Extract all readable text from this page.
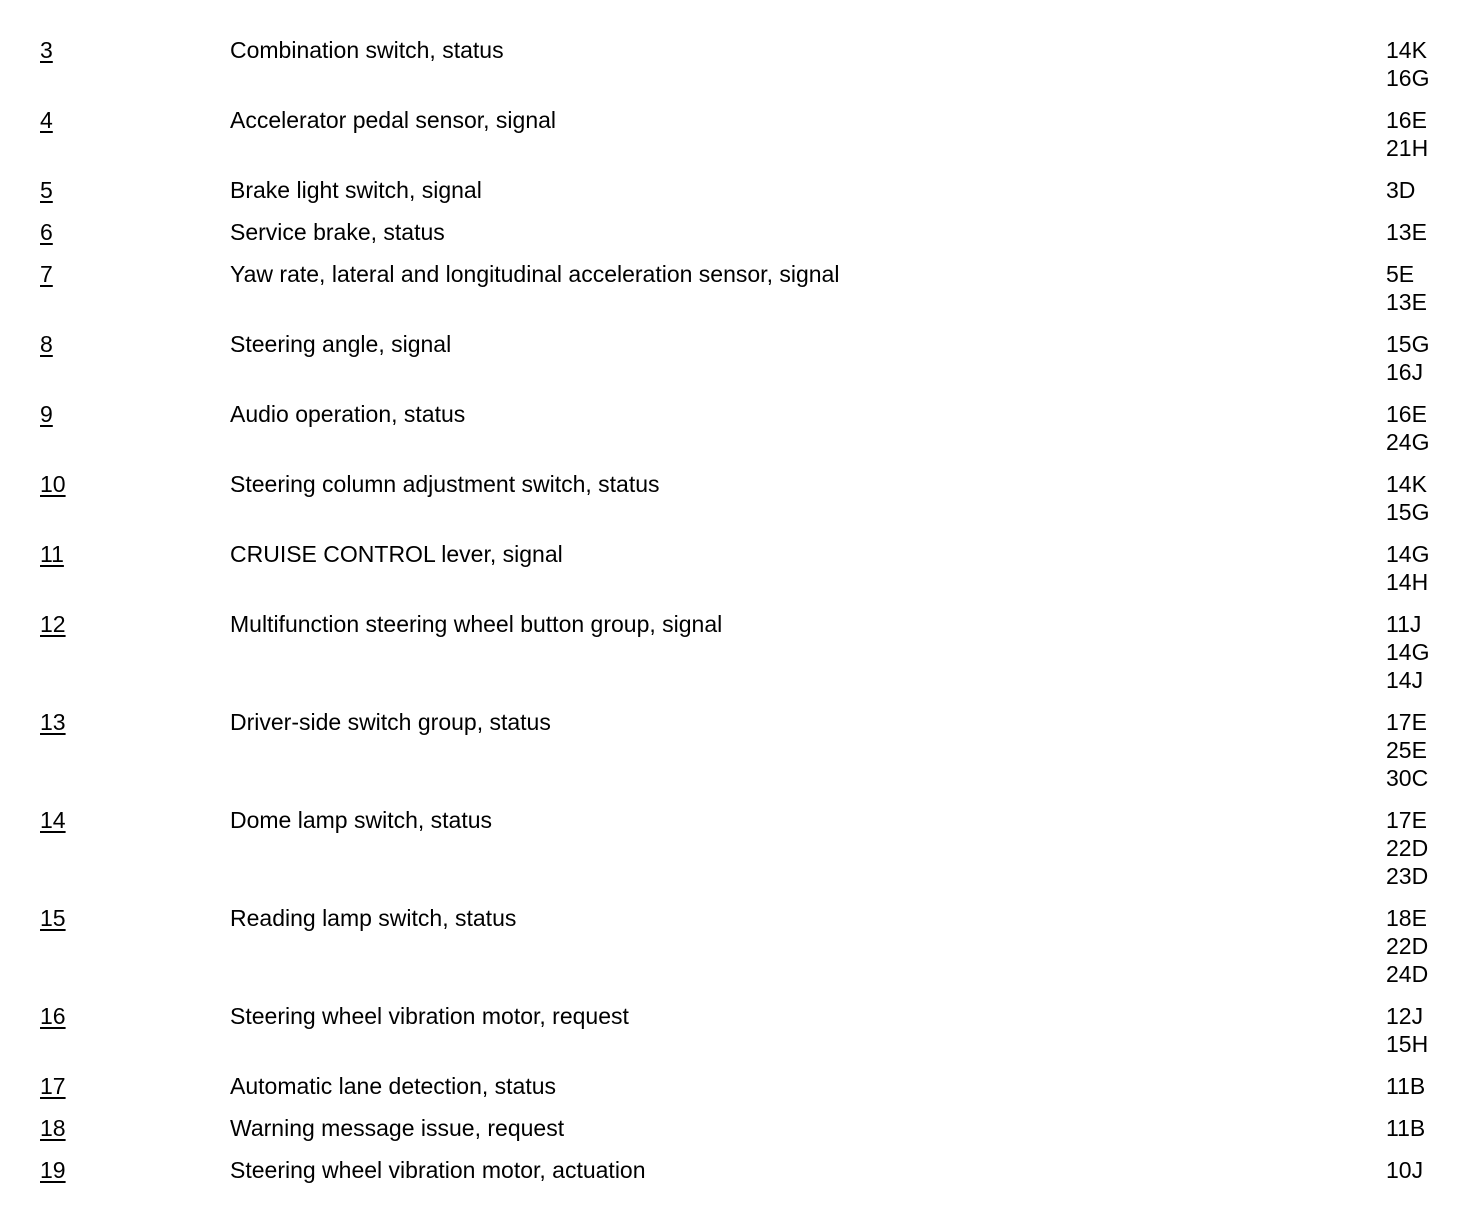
3	Combination switch, status	14K
16G
4	Accelerator pedal sensor, signal	16E
21H
5	Brake light switch, signal	3D
6	Service brake, status	13E
7	Yaw rate, lateral and longitudinal acceleration sensor, signal	5E
13E
8	Steering angle, signal	15G
16J
9	Audio operation, status	16E
24G
10	Steering column adjustment switch, status	14K
15G
11	CRUISE CONTROL lever, signal	14G
14H
12	Multifunction steering wheel button group, signal	11J
14G
14J
13	Driver-side switch group, status	17E
25E
30C
14	Dome lamp switch, status	17E
22D
23D
15	Reading lamp switch, status	18E
22D
24D
16	Steering wheel vibration motor, request	12J
15H
17	Automatic lane detection, status	11B
18	Warning message issue, request	11B
19	Steering wheel vibration motor, actuation	10J
